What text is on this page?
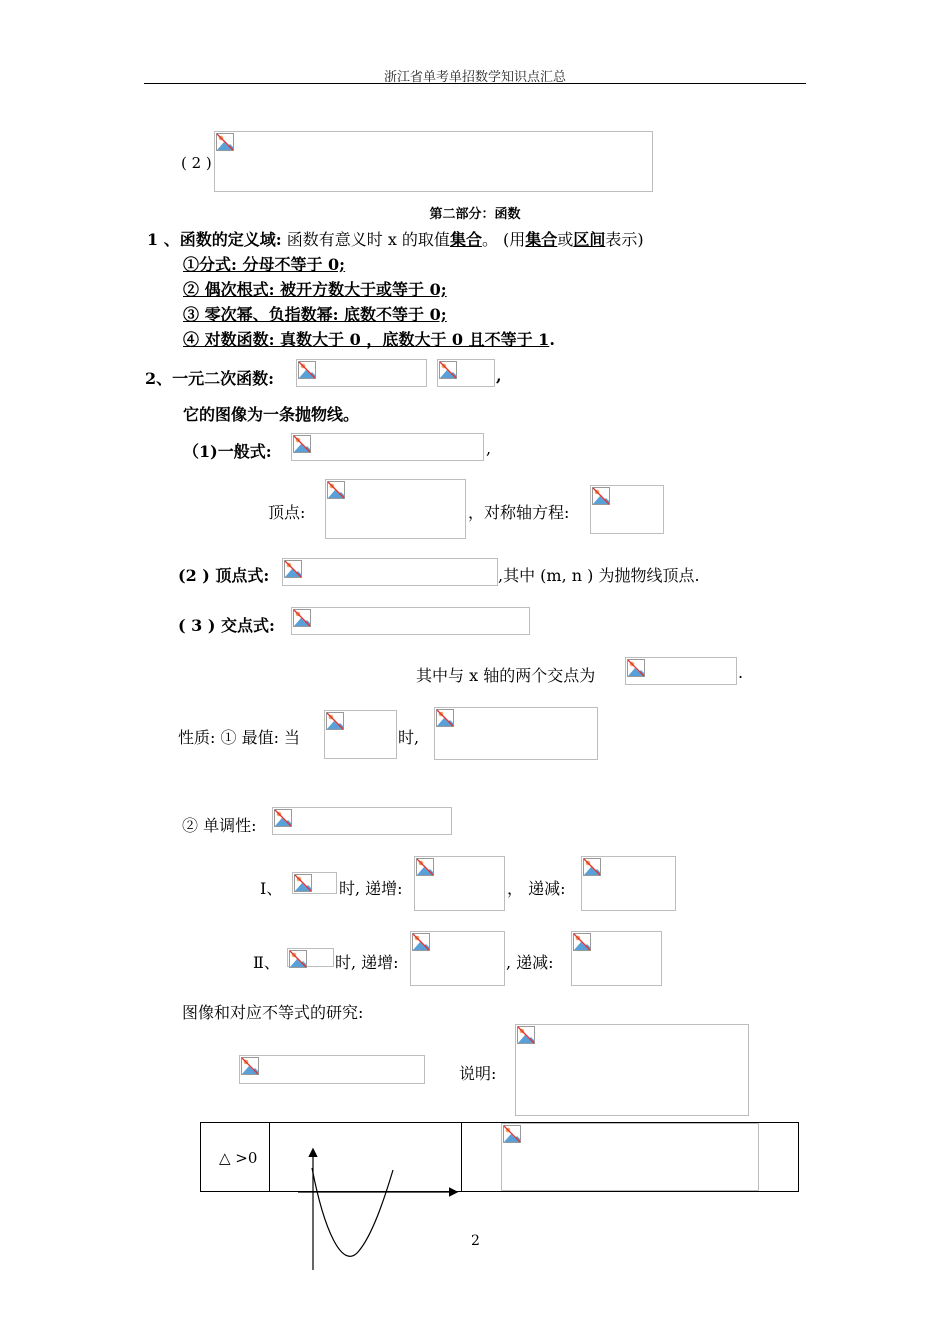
浙江省单考单招数学知识点汇总
( 2 )
第二部分：函数
1 、函数的定义域: 函数有意义时 x 的取值集合。 (用集合或区间表示)
①分式: 分母不等于 0;
② 偶次根式: 被开方数大于或等于 0;
③ 零次幂、负指数幂: 底数不等于 0;
④ 对数函数: 真数大于 0 ，底数大于 0 且不等于 1.
2、一元二次函数:	,
它的图像为一条抛物线。
（1)一般式:	,
顶点:	，对称轴方程:
(2 ) 顶点式:	,其中 (m, n ) 为抛物线顶点.
( 3 ) 交点式:
其中与 x 轴的两个交点为	.
性质: ① 最值: 当	时,
② 单调性:
Ⅰ、	时, 递增:	， 递减:
Ⅱ、	时, 递增:	, 递减:
图像和对应不等式的研究:
说明:
△ >0
2
